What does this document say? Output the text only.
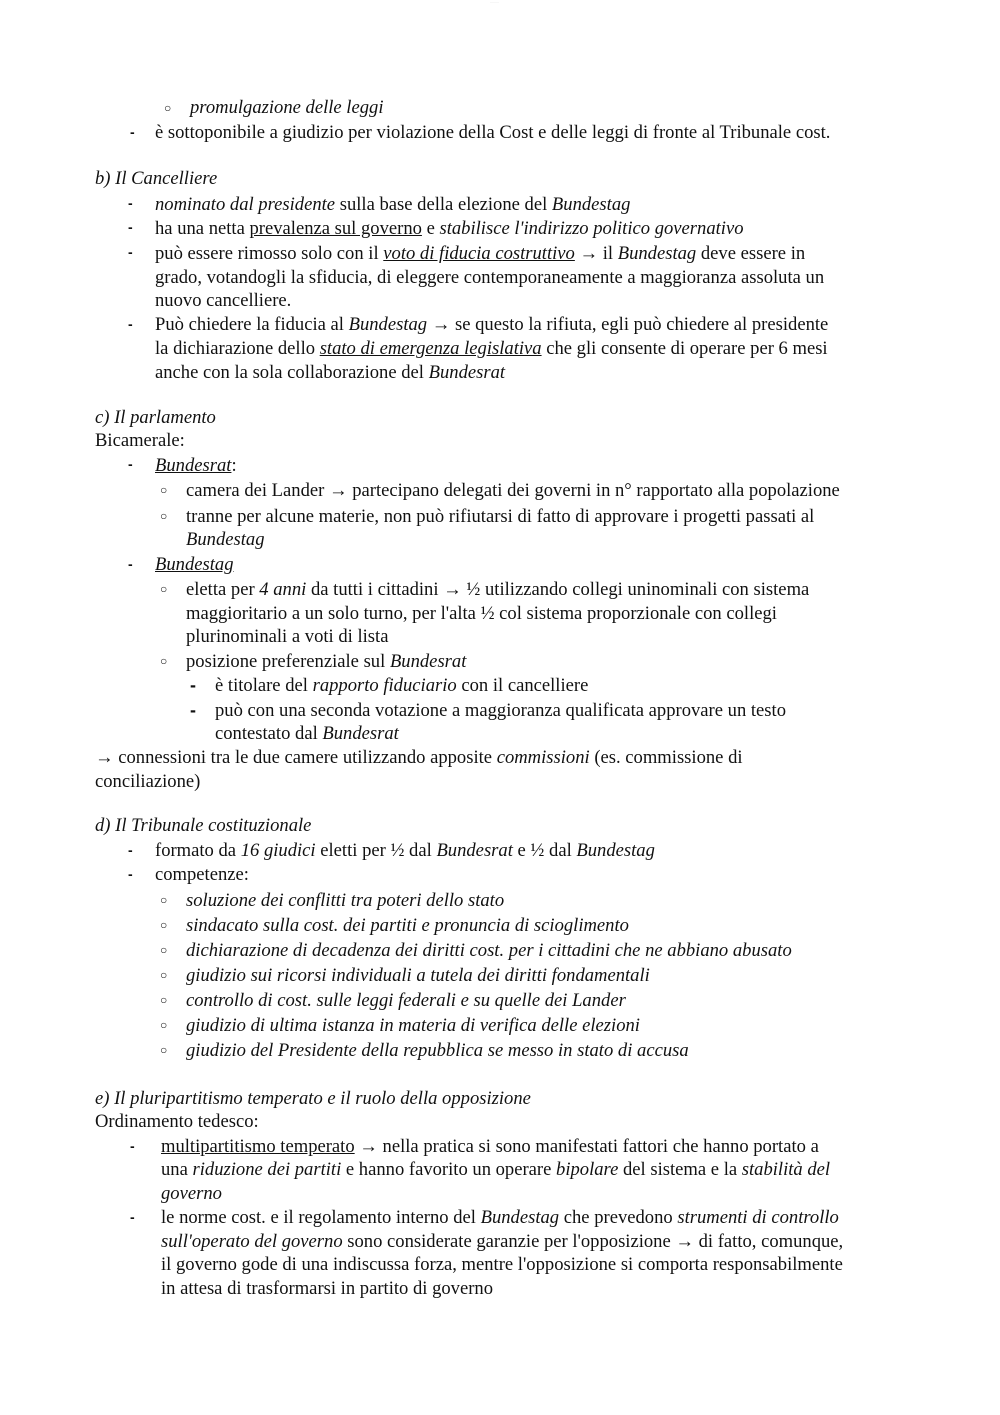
·········
○ promulgazione delle leggi
- è sottoponibile a giudizio per violazione della Cost e delle leggi di fronte al Tribunale cost.
b) Il Cancelliere
- nominato dal presidente sulla base della elezione del Bundestag
- ha una netta prevalenza sul governo e stabilisce l'indirizzo politico governativo
- può essere rimosso solo con il voto di fiducia costruttivo → il Bundestag deve essere in
grado, votandogli la sfiducia, di eleggere contemporaneamente a maggioranza assoluta un
nuovo cancelliere.
- Può chiedere la fiducia al Bundestag → se questo la rifiuta, egli può chiedere al presidente
la dichiarazione dello stato di emergenza legislativa che gli consente di operare per 6 mesi
anche con la sola collaborazione del Bundesrat
c) Il parlamento
Bicamerale:
- Bundesrat:
○ camera dei Lander → partecipano delegati dei governi in n° rapportato alla popolazione
○ tranne per alcune materie, non può rifiutarsi di fatto di approvare i progetti passati al
Bundestag
- Bundestag
○ eletta per 4 anni da tutti i cittadini → ½ utilizzando collegi uninominali con sistema
maggioritario a un solo turno, per l'alta ½ col sistema proporzionale con collegi
plurinominali a voti di lista
○ posizione preferenziale sul Bundesrat
- è titolare del rapporto fiduciario con il cancelliere
- può con una seconda votazione a maggioranza qualificata approvare un testo
contestato dal Bundesrat
→ connessioni tra le due camere utilizzando apposite commissioni (es. commissione di
conciliazione)
d) Il Tribunale costituzionale
- formato da 16 giudici eletti per ½ dal Bundesrat e ½ dal Bundestag
- competenze:
○ soluzione dei conflitti tra poteri dello stato
○ sindacato sulla cost. dei partiti e pronuncia di scioglimento
○ dichiarazione di decadenza dei diritti cost. per i cittadini che ne abbiano abusato
○ giudizio sui ricorsi individuali a tutela dei diritti fondamentali
○ controllo di cost. sulle leggi federali e su quelle dei Lander
○ giudizio di ultima istanza in materia di verifica delle elezioni
○ giudizio del Presidente della repubblica se messo in stato di accusa
e) Il pluripartitismo temperato e il ruolo della opposizione
Ordinamento tedesco:
- multipartitismo temperato → nella pratica si sono manifestati fattori che hanno portato a
una riduzione dei partiti e hanno favorito un operare bipolare del sistema e la stabilità del
governo
- le norme cost. e il regolamento interno del Bundestag che prevedono strumenti di controllo
sull'operato del governo sono considerate garanzie per l'opposizione → di fatto, comunque,
il governo gode di una indiscussa forza, mentre l'opposizione si comporta responsabilmente
in attesa di trasformarsi in partito di governo
